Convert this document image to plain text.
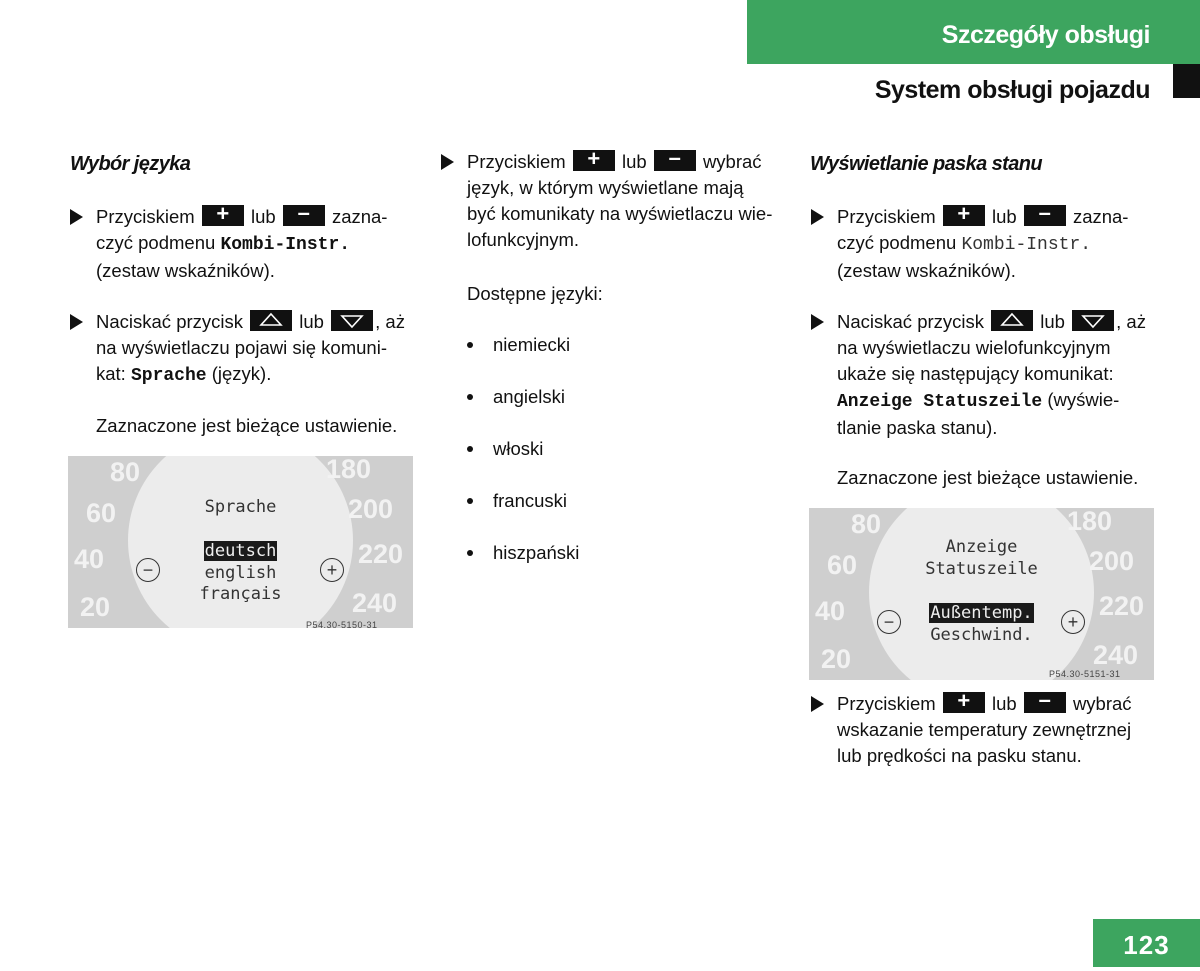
Szczegóły obsługi
System obsługi pojazdu
123
Wybór języka
Przyciskiem +	lub	–	zazna-
czyć podmenu Kombi-Instr.
(zestaw wskaźników).
Naciskać przycisk	lub	, aż
na wyświetlaczu pojawi się komuni-
kat: Sprache (język).
Zaznaczone jest bieżące ustawienie.
80
60
40
20
180
200
220
240
Sprache
deutsch
english
français
−	+
P54.30-5150-31
Przyciskiem +	lub	–	wybrać
język, w którym wyświetlane mają
być komunikaty na wyświetlaczu wie-
lofunkcyjnym.
Dostępne języki:
niemiecki
angielski
włoski
francuski
hiszpański
Wyświetlanie paska stanu
Przyciskiem +	lub	–	zazna-
czyć podmenu Kombi-Instr.
(zestaw wskaźników).
Naciskać przycisk	lub	, aż
na wyświetlaczu wielofunkcyjnym
ukaże się następujący komunikat:
Anzeige Statuszeile (wyświe-
tlanie paska stanu).
Zaznaczone jest bieżące ustawienie.
80
60
40
20
180
200
220
240
Anzeige
Statuszeile
Außentemp.
Geschwind.
−	+
P54.30-5151-31
Przyciskiem +	lub	–	wybrać
wskazanie temperatury zewnętrznej
lub prędkości na pasku stanu.
